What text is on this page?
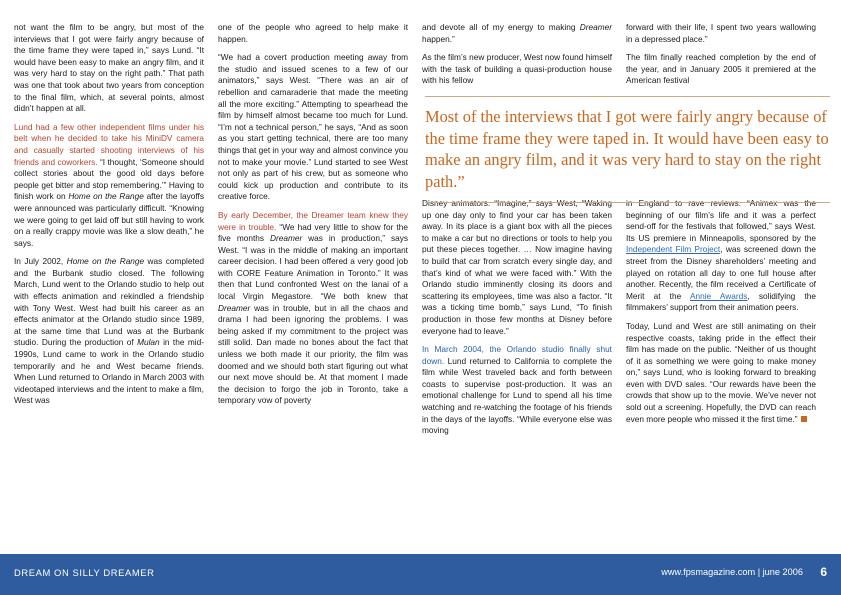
not want the film to be angry, but most of the interviews that I got were fairly angry because of the time frame they were taped in,” says Lund. “It would have been easy to make an angry film, and it was very hard to stay on the right path.” That path was one that took about two years from conception to the final film, which, at several points, almost didn’t happen at all.

Lund had a few other independent films under his belt when he decided to take his MiniDV camera and casually started shooting interviews of his friends and coworkers. “I thought, ‘Someone should collect stories about the good old days before people get bitter and stop remembering.’” Having to finish work on Home on the Range after the layoffs were announced was particularly difficult. “Knowing we were going to get laid off but still having to work on a really crappy movie was like a slow death,” he says.

In July 2002, Home on the Range was completed and the Burbank studio closed. The following March, Lund went to the Orlando studio to help out with effects animation and rekindled a friendship with Tony West. West had built his career as an effects animator at the Orlando studio since 1989, at the same time that Lund was at the Burbank studio. During the production of Mulan in the mid-1990s, Lund came to work in the Orlando studio temporarily and he and West became friends. When Lund returned to Orlando in March 2003 with videotaped interviews and the intent to make a film, West was

one of the people who agreed to help make it happen.

“We had a covert production meeting away from the studio and issued scenes to a few of our animators,” says West. “There was an air of rebellion and camaraderie that made the meeting all the more exciting.” Attempting to spearhead the film by himself almost became too much for Lund. “I’m not a technical person,” he says, “And as soon as you start getting technical, there are too many things that get in your way and almost convince you not to make your movie.” Lund started to see West not only as part of his crew, but as someone who could kick up production and contribute to its creative force.

By early December, the Dreamer team knew they were in trouble. “We had very little to show for the five months Dreamer was in production,” says West. “I was in the middle of making an important career decision. I had been offered a very good job with CORE Feature Animation in Toronto.” It was then that Lund confronted West on the lanai of a local Virgin Megastore. “We both knew that Dreamer was in trouble, but in all the chaos and drama I had been ignoring the problems. I was being asked if my commitment to the project was still solid. Dan made no bones about the fact that unless we both made it our priority, the film was doomed and we should both start figuring out what our next move should be. At that moment I made the decision to forgo the job in Toronto, take a temporary vow of poverty

and devote all of my energy to making Dreamer happen.”

As the film’s new producer, West now found himself with the task of building a quasi-production house with his fellow

Disney animators. “Imagine,” says West, “Waking up one day only to find your car has been taken away. In its place is a giant box with all the pieces to make a car but no directions or tools to help you put these pieces together. … Now imagine having to build that car from scratch every single day, and that’s kind of what we were faced with.” With the Orlando studio imminently closing its doors and scattering its employees, time was also a factor. “It was a ticking time bomb,” says Lund, “To finish production in those few months at Disney before everyone had to leave.”

In March 2004, the Orlando studio finally shut down. Lund returned to California to complete the film while West traveled back and forth between coasts to supervise post-production. It was an emotional challenge for Lund to spend all his time watching and re-watching the footage of his friends in the days of the layoffs. “While everyone else was moving

forward with their life, I spent two years wallowing in a depressed place.”

The film finally reached completion by the end of the year, and in January 2005 it premiered at the American festival

in England to rave reviews. “Animex was the beginning of our film’s life and it was a perfect send-off for the festivals that followed,” says West. Its US premiere in Minneapolis, sponsored by the Independent Film Project, was screened down the street from the Disney shareholders’ meeting and played on rotation all day to one full house after another. Recently, the film received a Certificate of Merit at the Annie Awards, solidifying the filmmakers’ support from their animation peers.

Today, Lund and West are still animating on their respective coasts, taking pride in the effect their film has made on the public. “Neither of us thought of it as something we were going to make money on,” says Lund, who is looking forward to breaking even with DVD sales. “Our rewards have been the crowds that show up to the movie. We’ve never not sold out a screening. Hopefully, the DVD can reach even more people who missed it the first time.”

Most of the interviews that I got were fairly angry because of the time frame they were taped in. It would have been easy to make an angry film, and it was very hard to stay on the right path.”

DREAM ON SILLY DREAMER	www.fpsmagazine.com | june 2006 6
